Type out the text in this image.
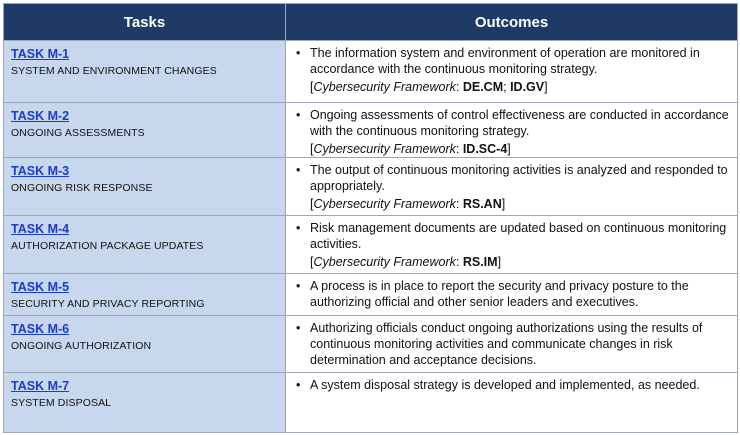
Tasks	Outcomes

TASK M-1
SYSTEM AND ENVIRONMENT CHANGES	• The information system and environment of operation are monitored in accordance with the continuous monitoring strategy.
[Cybersecurity Framework: DE.CM; ID.GV]

TASK M-2
ONGOING ASSESSMENTS	• Ongoing assessments of control effectiveness are conducted in accordance with the continuous monitoring strategy.
[Cybersecurity Framework: ID.SC-4]

TASK M-3
ONGOING RISK RESPONSE	• The output of continuous monitoring activities is analyzed and responded to appropriately.
[Cybersecurity Framework: RS.AN]

TASK M-4
AUTHORIZATION PACKAGE UPDATES	• Risk management documents are updated based on continuous monitoring activities.
[Cybersecurity Framework: RS.IM]

TASK M-5
SECURITY AND PRIVACY REPORTING	• A process is in place to report the security and privacy posture to the authorizing official and other senior leaders and executives.

TASK M-6
ONGOING AUTHORIZATION	• Authorizing officials conduct ongoing authorizations using the results of continuous monitoring activities and communicate changes in risk determination and acceptance decisions.

TASK M-7
SYSTEM DISPOSAL	• A system disposal strategy is developed and implemented, as needed.
